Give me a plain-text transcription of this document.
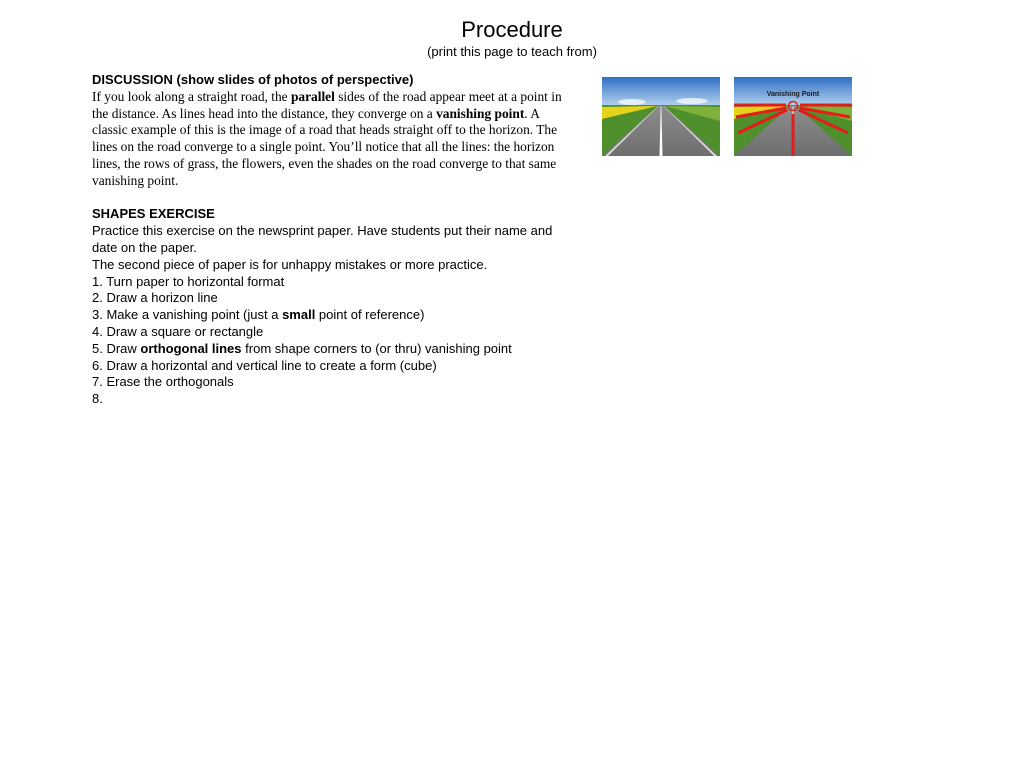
Procedure
(print this page to teach from)
DISCUSSION (show slides of photos of perspective)
If you look along a straight road, the parallel sides of the road appear meet at a point in the distance. As lines head into the distance, they converge on a vanishing point. A classic example of this is the image of a road that heads straight off to the horizon. The lines on the road converge to a single point. You’ll notice that all the lines: the horizon lines, the rows of grass, the flowers, even the shades on the road converge to that same vanishing point.
SHAPES EXERCISE
Practice this exercise on the newsprint paper. Have students put their name and date on the paper.
The second piece of paper is for unhappy mistakes or more practice.
1. Turn paper to horizontal format
2. Draw a horizon line
3. Make a vanishing point (just a small point of reference)
4. Draw a square or rectangle
5. Draw orthogonal lines from shape corners to (or thru) vanishing point
6. Draw a horizontal and vertical line to create a form (cube)
7. Erase the orthogonals
8.
Vanishing Point
